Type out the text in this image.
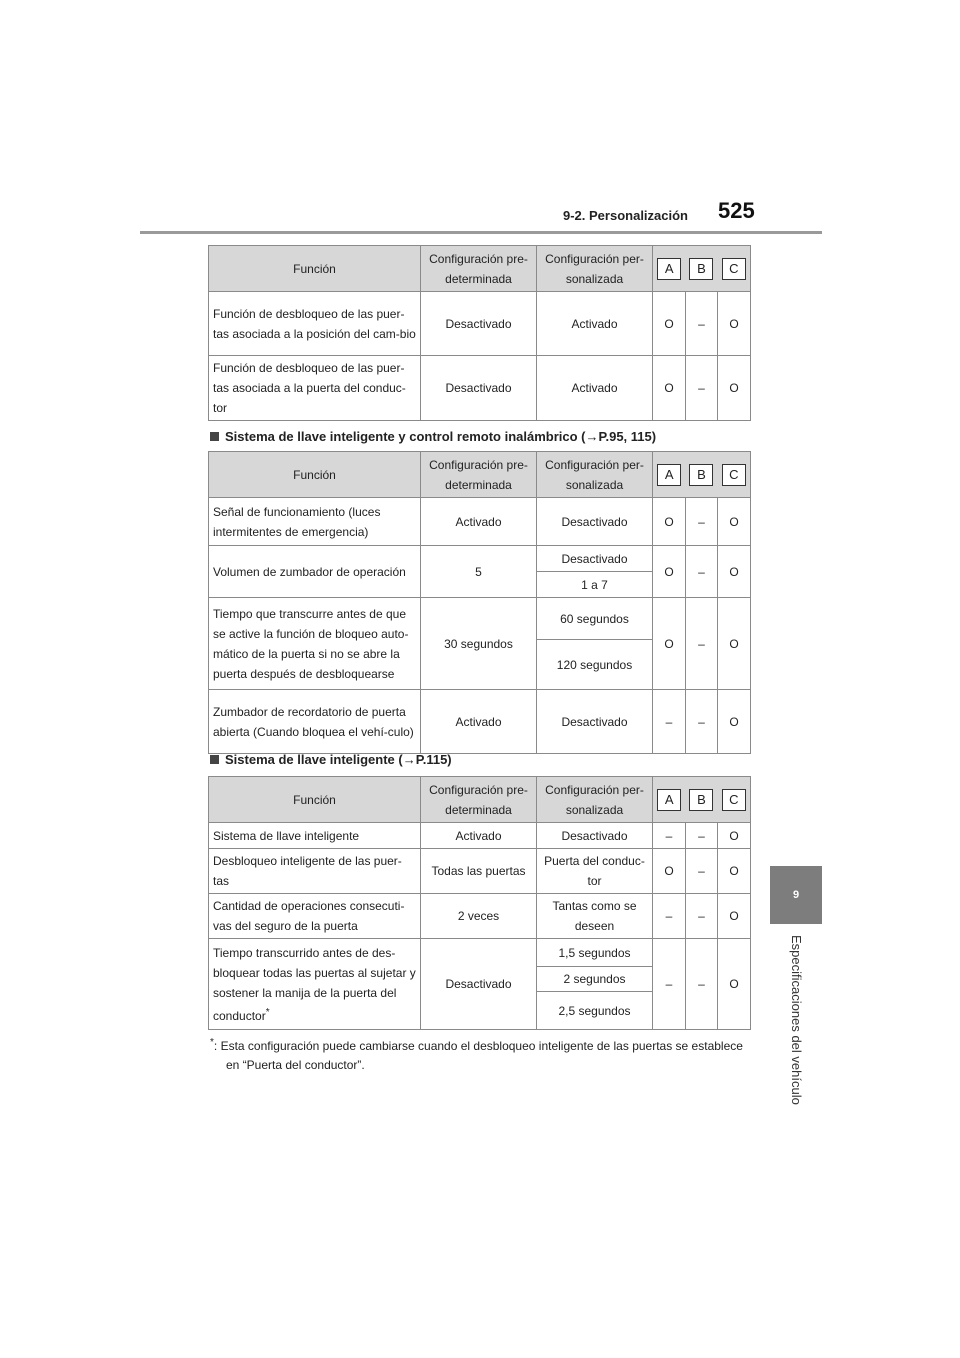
9-2. Personalización 525
9
Especificaciones del vehículo
Función	Configuración pre-determinada	Configuración per-sonalizada	A B C		

Función de desbloqueo de las puer-tas asociada a la posición del cam-bio	Desactivado	Activado	O	–	O
Función de desbloqueo de las puer-tas asociada a la puerta del conduc-tor	Desactivado	Activado	O	–	O
Sistema de llave inteligente y control remoto inalámbrico (→P.95, 115)
Función	Configuración pre-determinada	Configuración per-sonalizada	A B C		

Señal de funcionamiento (luces intermitentes de emergencia)	Activado	Desactivado	O	–	O
Volumen de zumbador de operación	5	Desactivado	O	–	O
		1 a 7			
Tiempo que transcurre antes de que se active la función de bloqueo auto-mático de la puerta si no se abre la puerta después de desbloquearse	30 segundos	60 segundos	O	–	O
		120 segundos			
Zumbador de recordatorio de puerta abierta (Cuando bloquea el vehí-culo)	Activado	Desactivado	–	–	O
Sistema de llave inteligente (→P.115)
Función	Configuración pre-determinada	Configuración per-sonalizada	A B C		

Sistema de llave inteligente	Activado	Desactivado	–	–	O
Desbloqueo inteligente de las puer-tas	Todas las puertas	Puerta del conduc-tor	O	–	O
Cantidad de operaciones consecuti-vas del seguro de la puerta	2 veces	Tantas como se deseen	–	–	O
Tiempo transcurrido antes de des-bloquear todas las puertas al sujetar y sostener la manija de la puerta del conductor*	Desactivado	1,5 segundos	–	–	O
		2 segundos			
		2,5 segundos			
*: Esta configuración puede cambiarse cuando el desbloqueo inteligente de las puertas se establece en “Puerta del conductor”.
